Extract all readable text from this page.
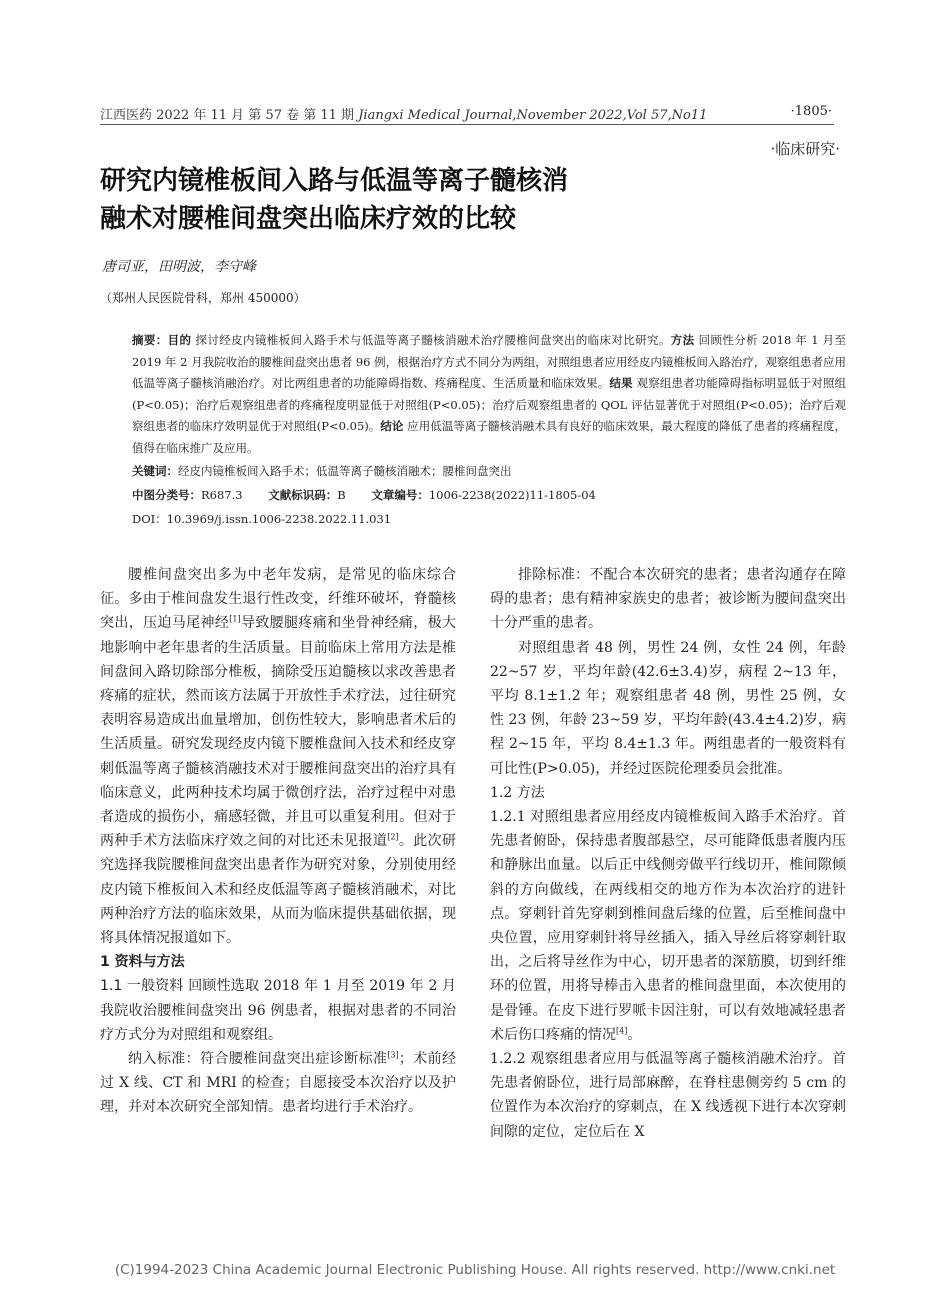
江西医药 2022 年 11 月 第 57 卷 第 11 期 Jiangxi Medical Journal,November 2022,Vol 57,No11	·1805·
·临床研究·
研究内镜椎板间入路与低温等离子髓核消
融术对腰椎间盘突出临床疗效的比较
唐司亚，田明波，李守峰
（郑州人民医院骨科，郑州 450000）
摘要：目的 探讨经皮内镜椎板间入路手术与低温等离子髓核消融术治疗腰椎间盘突出的临床对比研究。方法 回顾性分析 2018 年 1 月至 2019 年 2 月我院收治的腰椎间盘突出患者 96 例，根据治疗方式不同分为两组，对照组患者应用经皮内镜椎板间入路治疗，观察组患者应用低温等离子髓核消融治疗。对比两组患者的功能障碍指数、疼痛程度、生活质量和临床效果。结果 观察组患者功能障碍指标明显低于对照组(P<0.05)；治疗后观察组患者的疼痛程度明显低于对照组(P<0.05)；治疗后观察组患者的 QOL 评估显著优于对照组(P<0.05)；治疗后观察组患者的临床疗效明显优于对照组(P<0.05)。结论 应用低温等离子髓核消融术具有良好的临床效果，最大程度的降低了患者的疼痛程度，值得在临床推广及应用。
关键词：经皮内镜椎板间入路手术；低温等离子髓核消融术；腰椎间盘突出
中图分类号：R687.3 文献标识码：B 文章编号：1006-2238(2022)11-1805-04
DOI：10.3969/j.issn.1006-2238.2022.11.031

腰椎间盘突出多为中老年发病，是常见的临床综合征。多由于椎间盘发生退行性改变，纤维环破坏，脊髓核突出，压迫马尾神经[1]导致腰腿疼痛和坐骨神经痛，极大地影响中老年患者的生活质量。目前临床上常用方法是椎间盘间入路切除部分椎板，摘除受压迫髓核以求改善患者疼痛的症状，然而该方法属于开放性手术疗法，过往研究表明容易造成出血量增加，创伤性较大，影响患者术后的生活质量。研究发现经皮内镜下腰椎盘间入技术和经皮穿刺低温等离子髓核消融技术对于腰椎间盘突出的治疗具有临床意义，此两种技术均属于微创疗法，治疗过程中对患者造成的损伤小，痛感轻微，并且可以重复利用。但对于两种手术方法临床疗效之间的对比还未见报道[2]。此次研究选择我院腰椎间盘突出患者作为研究对象，分别使用经皮内镜下椎板间入术和经皮低温等离子髓核消融术，对比两种治疗方法的临床效果，从而为临床提供基础依据，现将具体情况报道如下。

1 资料与方法

1.1 一般资料 回顾性选取 2018 年 1 月至 2019 年 2 月我院收治腰椎间盘突出 96 例患者，根据对患者的不同治疗方式分为对照组和观察组。

纳入标准：符合腰椎间盘突出症诊断标准[3]；术前经过 X 线、CT 和 MRI 的检查；自愿接受本次治疗以及护理，并对本次研究全部知情。患者均进行手术治疗。

排除标准：不配合本次研究的患者；患者沟通存在障碍的患者；患有精神家族史的患者；被诊断为腰间盘突出十分严重的患者。

对照组患者 48 例，男性 24 例，女性 24 例，年龄 22~57 岁，平均年龄(42.6±3.4)岁，病程 2~13 年，平均 8.1±1.2 年；观察组患者 48 例，男性 25 例，女性 23 例，年龄 23~59 岁，平均年龄(43.4±4.2)岁，病程 2~15 年，平均 8.4±1.3 年。两组患者的一般资料有可比性(P>0.05)，并经过医院伦理委员会批准。

1.2 方法

1.2.1 对照组患者应用经皮内镜椎板间入路手术治疗。首先患者俯卧，保持患者腹部悬空，尽可能降低患者腹内压和静脉出血量。以后正中线侧旁做平行线切开，椎间隙倾斜的方向做线，在两线相交的地方作为本次治疗的进针点。穿刺针首先穿刺到椎间盘后缘的位置，后至椎间盘中央位置，应用穿刺针将导丝插入，插入导丝后将穿刺针取出，之后将导丝作为中心，切开患者的深筋膜，切到纤维环的位置，用将导棒击入患者的椎间盘里面，本次使用的是骨锤。在皮下进行罗哌卡因注射，可以有效地减轻患者术后伤口疼痛的情况[4]。

1.2.2 观察组患者应用与低温等离子髓核消融术治疗。首先患者俯卧位，进行局部麻醉，在脊柱患侧旁约 5 cm 的位置作为本次治疗的穿刺点，在 X 线透视下进行本次穿刺间隙的定位，定位后在 X

(C)1994-2023 China Academic Journal Electronic Publishing House. All rights reserved. http://www.cnki.net
